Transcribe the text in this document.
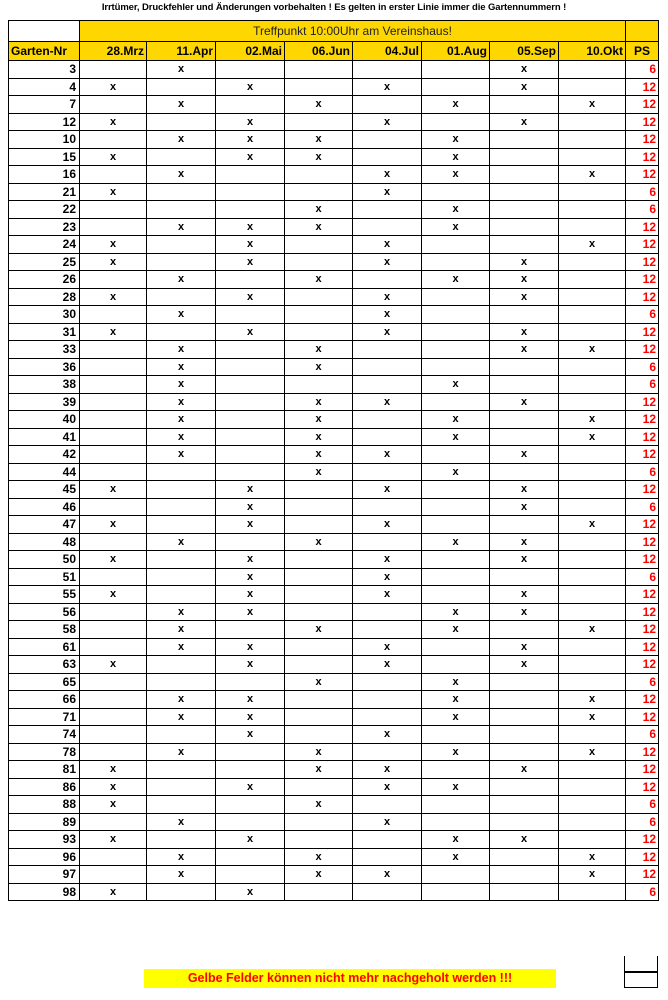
Irrtümer, Druckfehler und Änderungen vorbehalten ! Es gelten in erster Linie immer die Gartennummern !
	Treffpunkt 10:00Uhr am Vereinshaus!								
Garten-Nr	28.Mrz	11.Apr	02.Mai	06.Jun	04.Jul	01.Aug	05.Sep	10.Okt	PS
3		x					x		6
4	x		x		x		x		12
7		x		x		x		x	12
12	x		x		x		x		12
10		x	x	x		x			12
15	x		x	x		x			12
16		x			x	x		x	12
21	x				x				6
22				x		x			6
23		x	x	x		x			12
24	x		x		x			x	12
25	x		x		x		x		12
26		x		x		x	x		12
28	x		x		x		x		12
30		x			x				6
31	x		x		x		x		12
33		x		x			x	x	12
36		x		x					6
38		x				x			6
39		x		x	x		x		12
40		x		x		x		x	12
41		x		x		x		x	12
42		x		x	x		x		12
44				x		x			6
45	x		x		x		x		12
46			x				x		6
47	x		x		x			x	12
48		x		x		x	x		12
50	x		x		x		x		12
51			x		x				6
55	x		x		x		x		12
56		x	x			x	x		12
58		x		x		x		x	12
61		x	x		x		x		12
63	x		x		x		x		12
65				x		x			6
66		x	x			x		x	12
71		x	x			x		x	12
74			x		x				6
78		x		x		x		x	12
81	x			x	x		x		12
86	x		x		x	x			12
88	x			x					6
89		x			x				6
93	x		x			x	x		12
96		x		x		x		x	12
97		x		x	x			x	12
98	x		x						6
Gelbe Felder können nicht mehr nachgeholt werden !!!
